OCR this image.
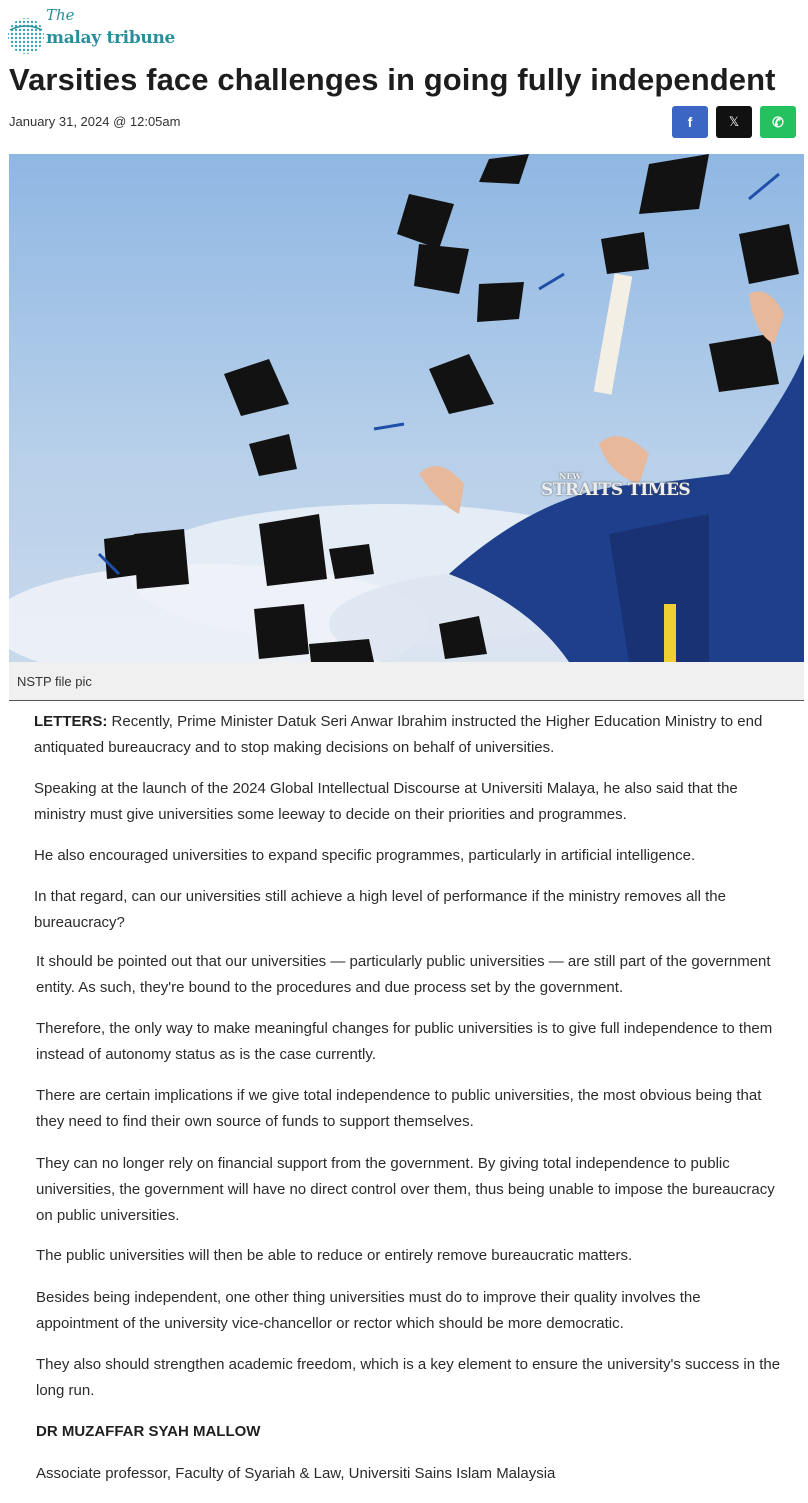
The
malay tribune
Varsities face challenges in going fully independent
January 31, 2024 @ 12:05am	f	𝕏 ✆
NEW
STRAITS TIMES
NSTP file pic

LETTERS: Recently, Prime Minister Datuk Seri Anwar Ibrahim instructed the Higher Education Ministry to end antiquated bureaucracy and to stop making decisions on behalf of universities.

Speaking at the launch of the 2024 Global Intellectual Discourse at Universiti Malaya, he also said that the ministry must give universities some leeway to decide on their priorities and programmes.

He also encouraged universities to expand specific programmes, particularly in artificial intelligence.

In that regard, can our universities still achieve a high level of performance if the ministry removes all the bureaucracy?

It should be pointed out that our universities — particularly public universities — are still part of the government entity. As such, they're bound to the procedures and due process set by the government.

Therefore, the only way to make meaningful changes for public universities is to give full independence to them instead of autonomy status as is the case currently.

There are certain implications if we give total independence to public universities, the most obvious being that they need to find their own source of funds to support themselves.

They can no longer rely on financial support from the government. By giving total independence to public universities, the government will have no direct control over them, thus being unable to impose the bureaucracy on public universities.

The public universities will then be able to reduce or entirely remove bureaucratic matters.

Besides being independent, one other thing universities must do to improve their quality involves the appointment of the university vice-chancellor or rector which should be more democratic.

They also should strengthen academic freedom, which is a key element to ensure the university's success in the long run.

DR MUZAFFAR SYAH MALLOW

Associate professor, Faculty of Syariah & Law, Universiti Sains Islam Malaysia
